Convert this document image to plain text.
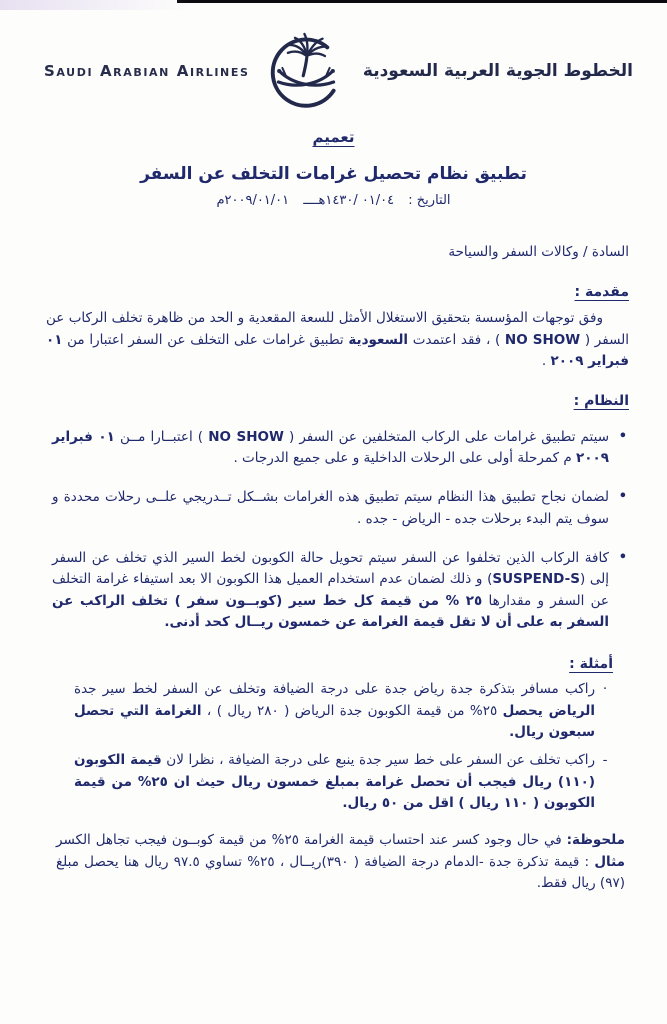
Saudi Arabian Airlines	الخطوط الجوية العربية السعودية
تعميم
تطبيق نظام تحصيل غرامات التخلف عن السفر
التاريخ : ٠١/٠٤ /١٤٣٠هــــ ٢٠٠٩/٠١/٠١م
السادة / وكالات السفر والسياحة
مقدمة :

وفق توجهات المؤسسة بتحقيق الاستغلال الأمثل للسعة المقعدية و الحد من ظاهرة تخلف الركاب عن السفر ( NO SHOW ) ، فقد اعتمدت السعودية تطبيق غرامات على التخلف عن السفر اعتبارا من ٠١ فبراير ٢٠٠٩ .

النظام :
•
سيتم تطبيق غرامات على الركاب المتخلفين عن السفر ( NO SHOW ) اعتبــارا مــن ٠١ فبراير ٢٠٠٩ م كمرحلة أولى على الرحلات الداخلية و على جميع الدرجات .
•
لضمان نجاح تطبيق هذا النظام سيتم تطبيق هذه الغرامات بشــكل تــدريجي علــى رحلات محددة و سوف يتم البدء برحلات جده - الرياض - جده .
•
كافة الركاب الذين تخلفوا عن السفر سيتم تحويل حالة الكوبون لخط السير الذي تخلف عن السفر إلى (SUSPEND-S) و ذلك لضمان عدم استخدام العميل هذا الكوبون الا بعد استيفاء غرامة التخلف عن السفر و مقدارها ٢٥ % من قيمة كل خط سير (كوبــون سفر ) تخلف الراكب عن السفر به على أن لا تقل قيمة الغرامة عن خمسون ريــال كحد أدنى.
أمثلة :
·
راكب مسافر بتذكرة جدة رياض جدة على درجة الضيافة وتخلف عن السفر لخط سير جدة الرياض يحصل ٢٥% من قيمة الكوبون جدة الرياض ( ٢٨٠ ريال ) ، الغرامة التي تحصل سبعون ريال.
-
راكب تخلف عن السفر على خط سير جدة ينبع على درجة الضيافة ، نظرا لان قيمة الكوبون (١١٠) ريال فيجب أن تحصل غرامة بمبلغ خمسون ريال حيث ان ٢٥% من قيمة الكوبون ( ١١٠ ريال ) اقل من ٥٠ ريال.

ملحوظة: في حال وجود كسر عند احتساب قيمة الغرامة ٢٥% من قيمة كوبــون فيجب تجاهل الكسر مثال : قيمة تذكرة جدة -الدمام درجة الضيافة ( ٣٩٠)ريــال ، ٢٥% تساوي ٩٧.٥ ريال هنا يحصل مبلغ (٩٧) ريال فقط.
